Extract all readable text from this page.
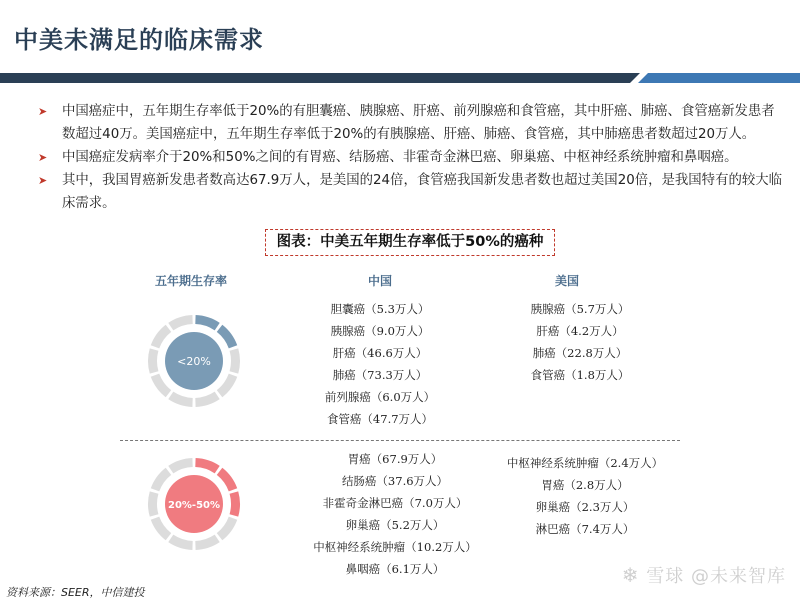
中美未满足的临床需求
➤ 中国癌症中，五年期生存率低于20%的有胆囊癌、胰腺癌、肝癌、前列腺癌和食管癌，其中肝癌、肺癌、食管癌新发患者数超过40万。美国癌症中，五年期生存率低于20%的有胰腺癌、肝癌、肺癌、食管癌，其中肺癌患者数超过20万人。
➤ 中国癌症发病率介于20%和50%之间的有胃癌、结肠癌、非霍奇金淋巴癌、卵巢癌、中枢神经系统肿瘤和鼻咽癌。
➤ 其中，我国胃癌新发患者数高达67.9万人，是美国的24倍，食管癌我国新发患者数也超过美国20倍，是我国特有的较大临床需求。
图表：中美五年期生存率低于50%的癌种
五年期生存率	中国	美国
<20%
20%-50%
胆囊癌（5.3万人）
胰腺癌（9.0万人）
肝癌（46.6万人）
肺癌（73.3万人）
前列腺癌（6.0万人）
食管癌（47.7万人）
胰腺癌（5.7万人）
肝癌（4.2万人）
肺癌（22.8万人）
食管癌（1.8万人）
胃癌（67.9万人）
结肠癌（37.6万人）
非霍奇金淋巴癌（7.0万人）
卵巢癌（5.2万人）
中枢神经系统肿瘤（10.2万人）
鼻咽癌（6.1万人）
中枢神经系统肿瘤（2.4万人）
胃癌（2.8万人）
卵巢癌（2.3万人）
淋巴癌（7.4万人）
资料来源：SEER，中信建投
❄ 雪球 @未来智库
